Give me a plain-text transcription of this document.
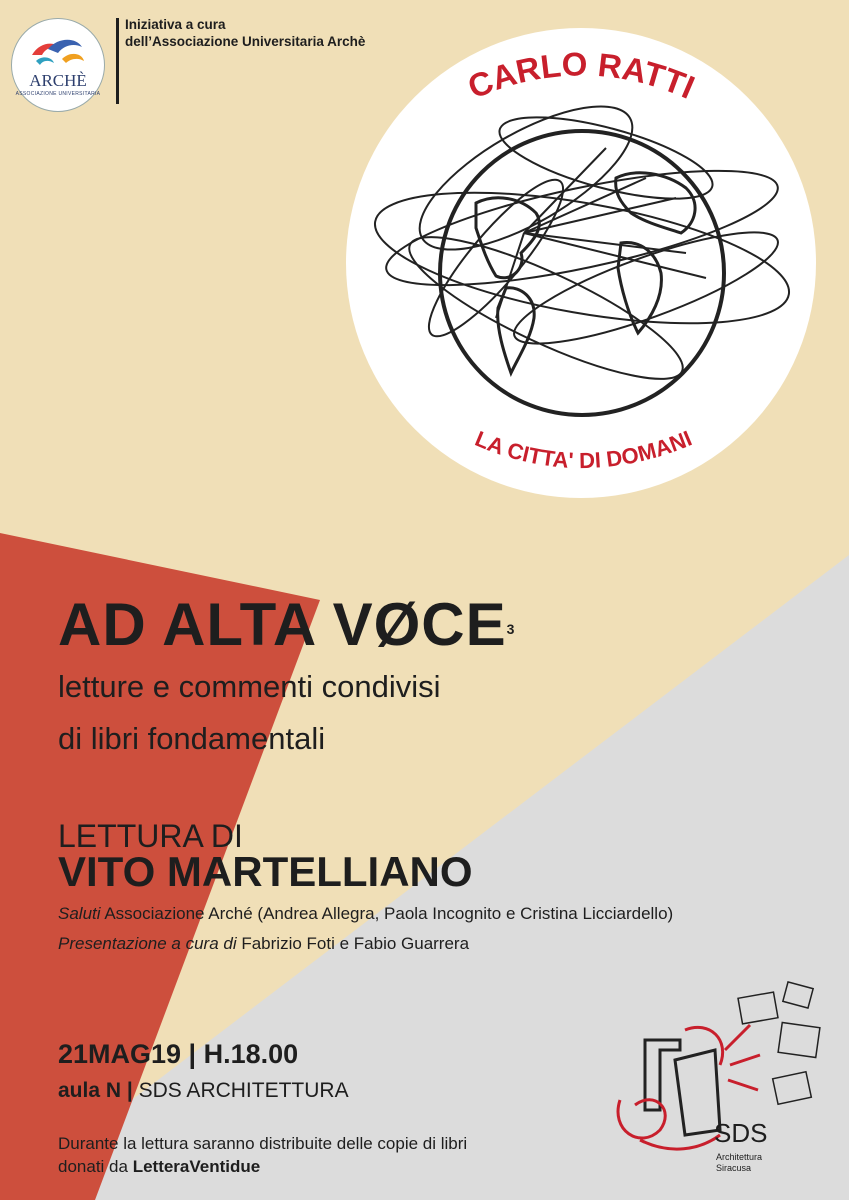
ARCHÈ
ASSOCIAZIONE UNIVERSITARIA
Iniziativa a cura
dell’Associazione Universitaria Archè
CARLO RATTI
LA CITTA' DI DOMANI
AD ALTA VØCE3
letture e commenti condivisi
di libri fondamentali
LETTURA DI
VITO MARTELLIANO
Saluti Associazione Arché (Andrea Allegra, Paola Incognito e Cristina Licciardello)
Presentazione a cura di Fabrizio Foti e Fabio Guarrera
21MAG19 | H.18.00
aula N | SDS ARCHITETTURA
Durante la lettura saranno distribuite delle copie di libri
donati da LetteraVentidue
SDS
Architettura
Siracusa
